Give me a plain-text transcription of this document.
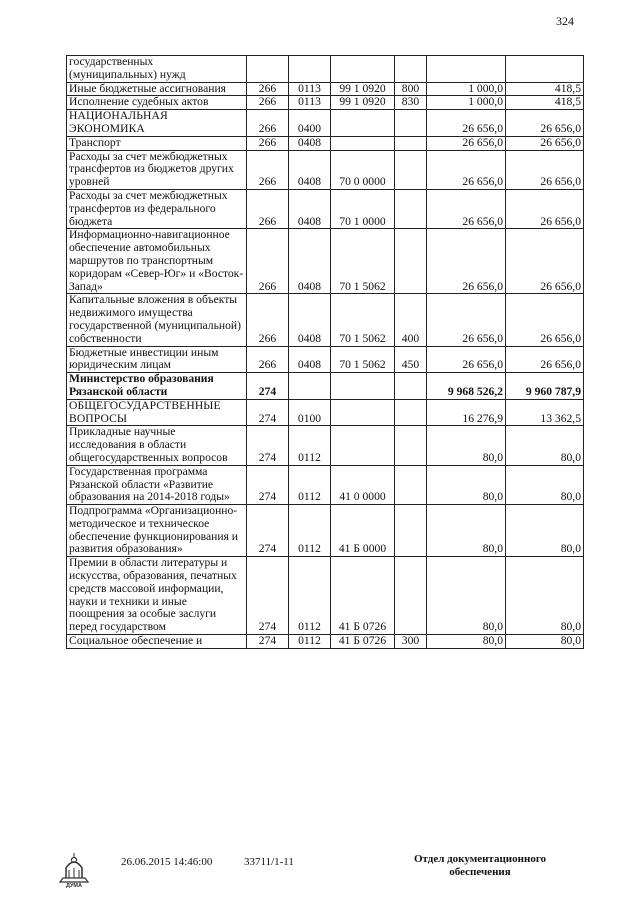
324
государственных (муниципальных) нужд						
Иные бюджетные ассигнования	266	0113	99 1 0920	800	1 000,0	418,5
Исполнение судебных актов	266	0113	99 1 0920	830	1 000,0	418,5
НАЦИОНАЛЬНАЯ ЭКОНОМИКА	266	0400			26 656,0	26 656,0
Транспорт	266	0408			26 656,0	26 656,0
Расходы за счет межбюджетных трансфертов из бюджетов других уровней	266	0408	70 0 0000		26 656,0	26 656,0
Расходы за счет межбюджетных трансфертов из федерального бюджета	266	0408	70 1 0000		26 656,0	26 656,0
Информационно-навигационное обеспечение автомобильных маршрутов по транспортным коридорам «Север-Юг» и «Восток-Запад»	266	0408	70 1 5062		26 656,0	26 656,0
Капитальные вложения в объекты недвижимого имущества государственной (муниципальной) собственности	266	0408	70 1 5062	400	26 656,0	26 656,0
Бюджетные инвестиции иным юридическим лицам	266	0408	70 1 5062	450	26 656,0	26 656,0
Министерство образования Рязанской области	274				9 968 526,2	9 960 787,9
ОБЩЕГОСУДАРСТВЕННЫЕ ВОПРОСЫ	274	0100			16 276,9	13 362,5
Прикладные научные исследования в области общегосударственных вопросов	274	0112			80,0	80,0
Государственная программа Рязанской области «Развитие образования на 2014-2018 годы»	274	0112	41 0 0000		80,0	80,0
Подпрограмма «Организационно-методическое и техническое обеспечение функционирования и развития образования»	274	0112	41 Б 0000		80,0	80,0
Премии в области литературы и искусства, образования, печатных средств массовой информации, науки и техники и иные поощрения за особые заслуги перед государством	274	0112	41 Б 0726		80,0	80,0
Социальное обеспечение и	274	0112	41 Б 0726	300	80,0	80,0
ДУМА
26.06.2015 14:46:00	33711/1-11	Отдел документационного обеспечения
